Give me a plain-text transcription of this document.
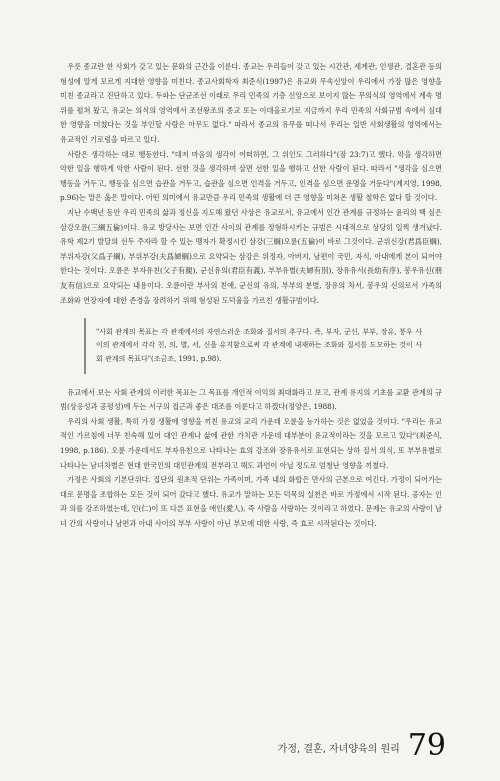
우릇 종교란 한 사회가 갖고 있는 문화의 근간을 이룬다. 종교는 우리들이 갖고 있는 시간관, 세계관, 인생관, 결혼관 등의 형성에 알게 모르게 지대한 영향을 미친다. 종교사회학자 최준식(1997)은 유교와 무속신앙이 우리에서 가장 많은 영향을 미친 종교라고 진단하고 있다. 두파는 단군조선 이래로 우리 민족의 기층 신앙으로 보이지 않는 무의식의 영역에서 계속 명위를 펼쳐 왔고, 유교는 의식의 영역에서 조선왕조의 종교 또는 이데올로기로 지금까지 우리 민족의 사회규범 속에서 심대한 영향을 미쳤다는 것을 부인할 사람은 아무도 없다." 따라서 종교의 유무를 떠나서 우리는 일반 사회생활의 영역에서는 유교적인 기로렁을 따르고 있다.

사람은 생각하는 대로 행동한다. "대저 마음의 생각이 어떠하면, 그 위인도 그러하다"(잠 23:7)고 했다. 악을 생각하면 악한 일을 행하게 악한 사람이 된다. 선한 것을 생각하며 살면 선한 일을 행하고 선한 사람이 된다. 따라서 "생각을 심으면 행동을 거두고, 행동을 심으면 습관을 거두고, 습관을 심으면 인격을 거두고, 인격을 심으면 운명을 거둔다"(계지영, 1998, p.96)는 말은 옳은 말이다. 어떤 의미에서 유교만큼 우리 민족의 생활에 더 큰 영향을 미쳐온 생활 철학은 없다 할 것이다.

지난 수백년 동안 우리 민족의 삶과 정신을 지도해 왔던 사상은 유교로서, 유교에서 인간 관계를 규정하는 윤리의 핵 심은 삼강오륜(三綱五倫)이다. 유교 방당사는 보면 인간 사이의 관계를 정형하시키는 규범은 시대적으로 상당히 일찍 생겨났다. 유학 제2기 발달의 선두 주자라 할 수 있는 맹자가 확정시킨 삼강(三綱)오륜(五倫)이 바로 그것이다. 군위신강(君爲臣綱), 부위자강(父爲子綱), 부위부강(夫爲婦綱)으로 요약되는 삼강은 위정자, 아버지, 남편이 국민, 자식, 아내에게 본이 되어야 한다는 것이다. 오륜은 부자유친(父子有親), 군신유의(君臣有義), 부부유별(夫婦有別), 장유유서(長幼有序), 봉우유신(朋友有信)으로 요약되는 내용이다. 오륜이란 부사의 친애, 군신의 유의, 부부의 분별, 장유의 차서, 봉우의 신의로서 가족의 조화와 연장자에 대한 존경을 장려하기 위해 형성된 도덕율을 가르친 생활규범이다.

"사회 관계의 목표는 각 관계에서의 자연스러운 조화와 질서의 추구다. 즉, 부자, 군신, 부부, 장유, 붕우 사이의 관계에서 각각 친, 의, 별, 서, 신을 유지함으로써 각 관계에 내재하는 조화와 질서를 도모하는 것이 사회 관계의 목표다"(조금조, 1991, p.98).

유교에서 보는 사회 관계의 이러한 목표는 그 목표를 개인적 이익의 최대화라고 보고, 관계 유지의 기초를 교환 관계의 규범(상응성과 공평성)에 두는 서구의 접근과 좋은 대조를 이룬다고 하겠다(정양은, 1988).

우리의 사회 생활, 특히 가정 생활에 영향을 끼친 유교의 교리 가운데 오륜을 능가하는 것은 없었을 것이다. "우리는 유교적인 가르침에 너무 친숙해 있어 대인 관계나 삶에 관한 가치관 가운데 대부분이 유교적이라는 것을 모르고 있다"(최준식, 1998, p.186). 오륜 가운데서도 부자유친으로 나타나는 효의 강조와 장유유서로 표현되는 상하 질서 의식, 또 부부유별로 나타나는 남녀차별은 현대 한국인의 대인관계의 전부라고 해도 과언이 아닐 정도로 엄청난 영향을 끼쳤다.

가정은 사회의 기본단위다. 집단의 원초적 단위는 가족이며, 가족 내의 화합은 만사의 근본으로 여긴다. 가정이 되어가는 대로 문명을 조합하는 모든 것이 되어 갔다고 했다. 유교가 말하는 모든 덕목의 실천은 바로 가정에서 시작 된다. 공자는 인과 의를 강조하였는데, 인(仁)이 또 다른 표현을 애인(愛人), 즉 사람을 사랑하는 것이라고 하였다. 문제는 유교의 사랑이 남녀 간의 사랑이나 남편과 아내 사이의 부부 사랑이 아닌 부모에 대한 사랑, 즉 효로 시작된다는 것이다.

가정, 결혼, 자녀양육의 원리 79
